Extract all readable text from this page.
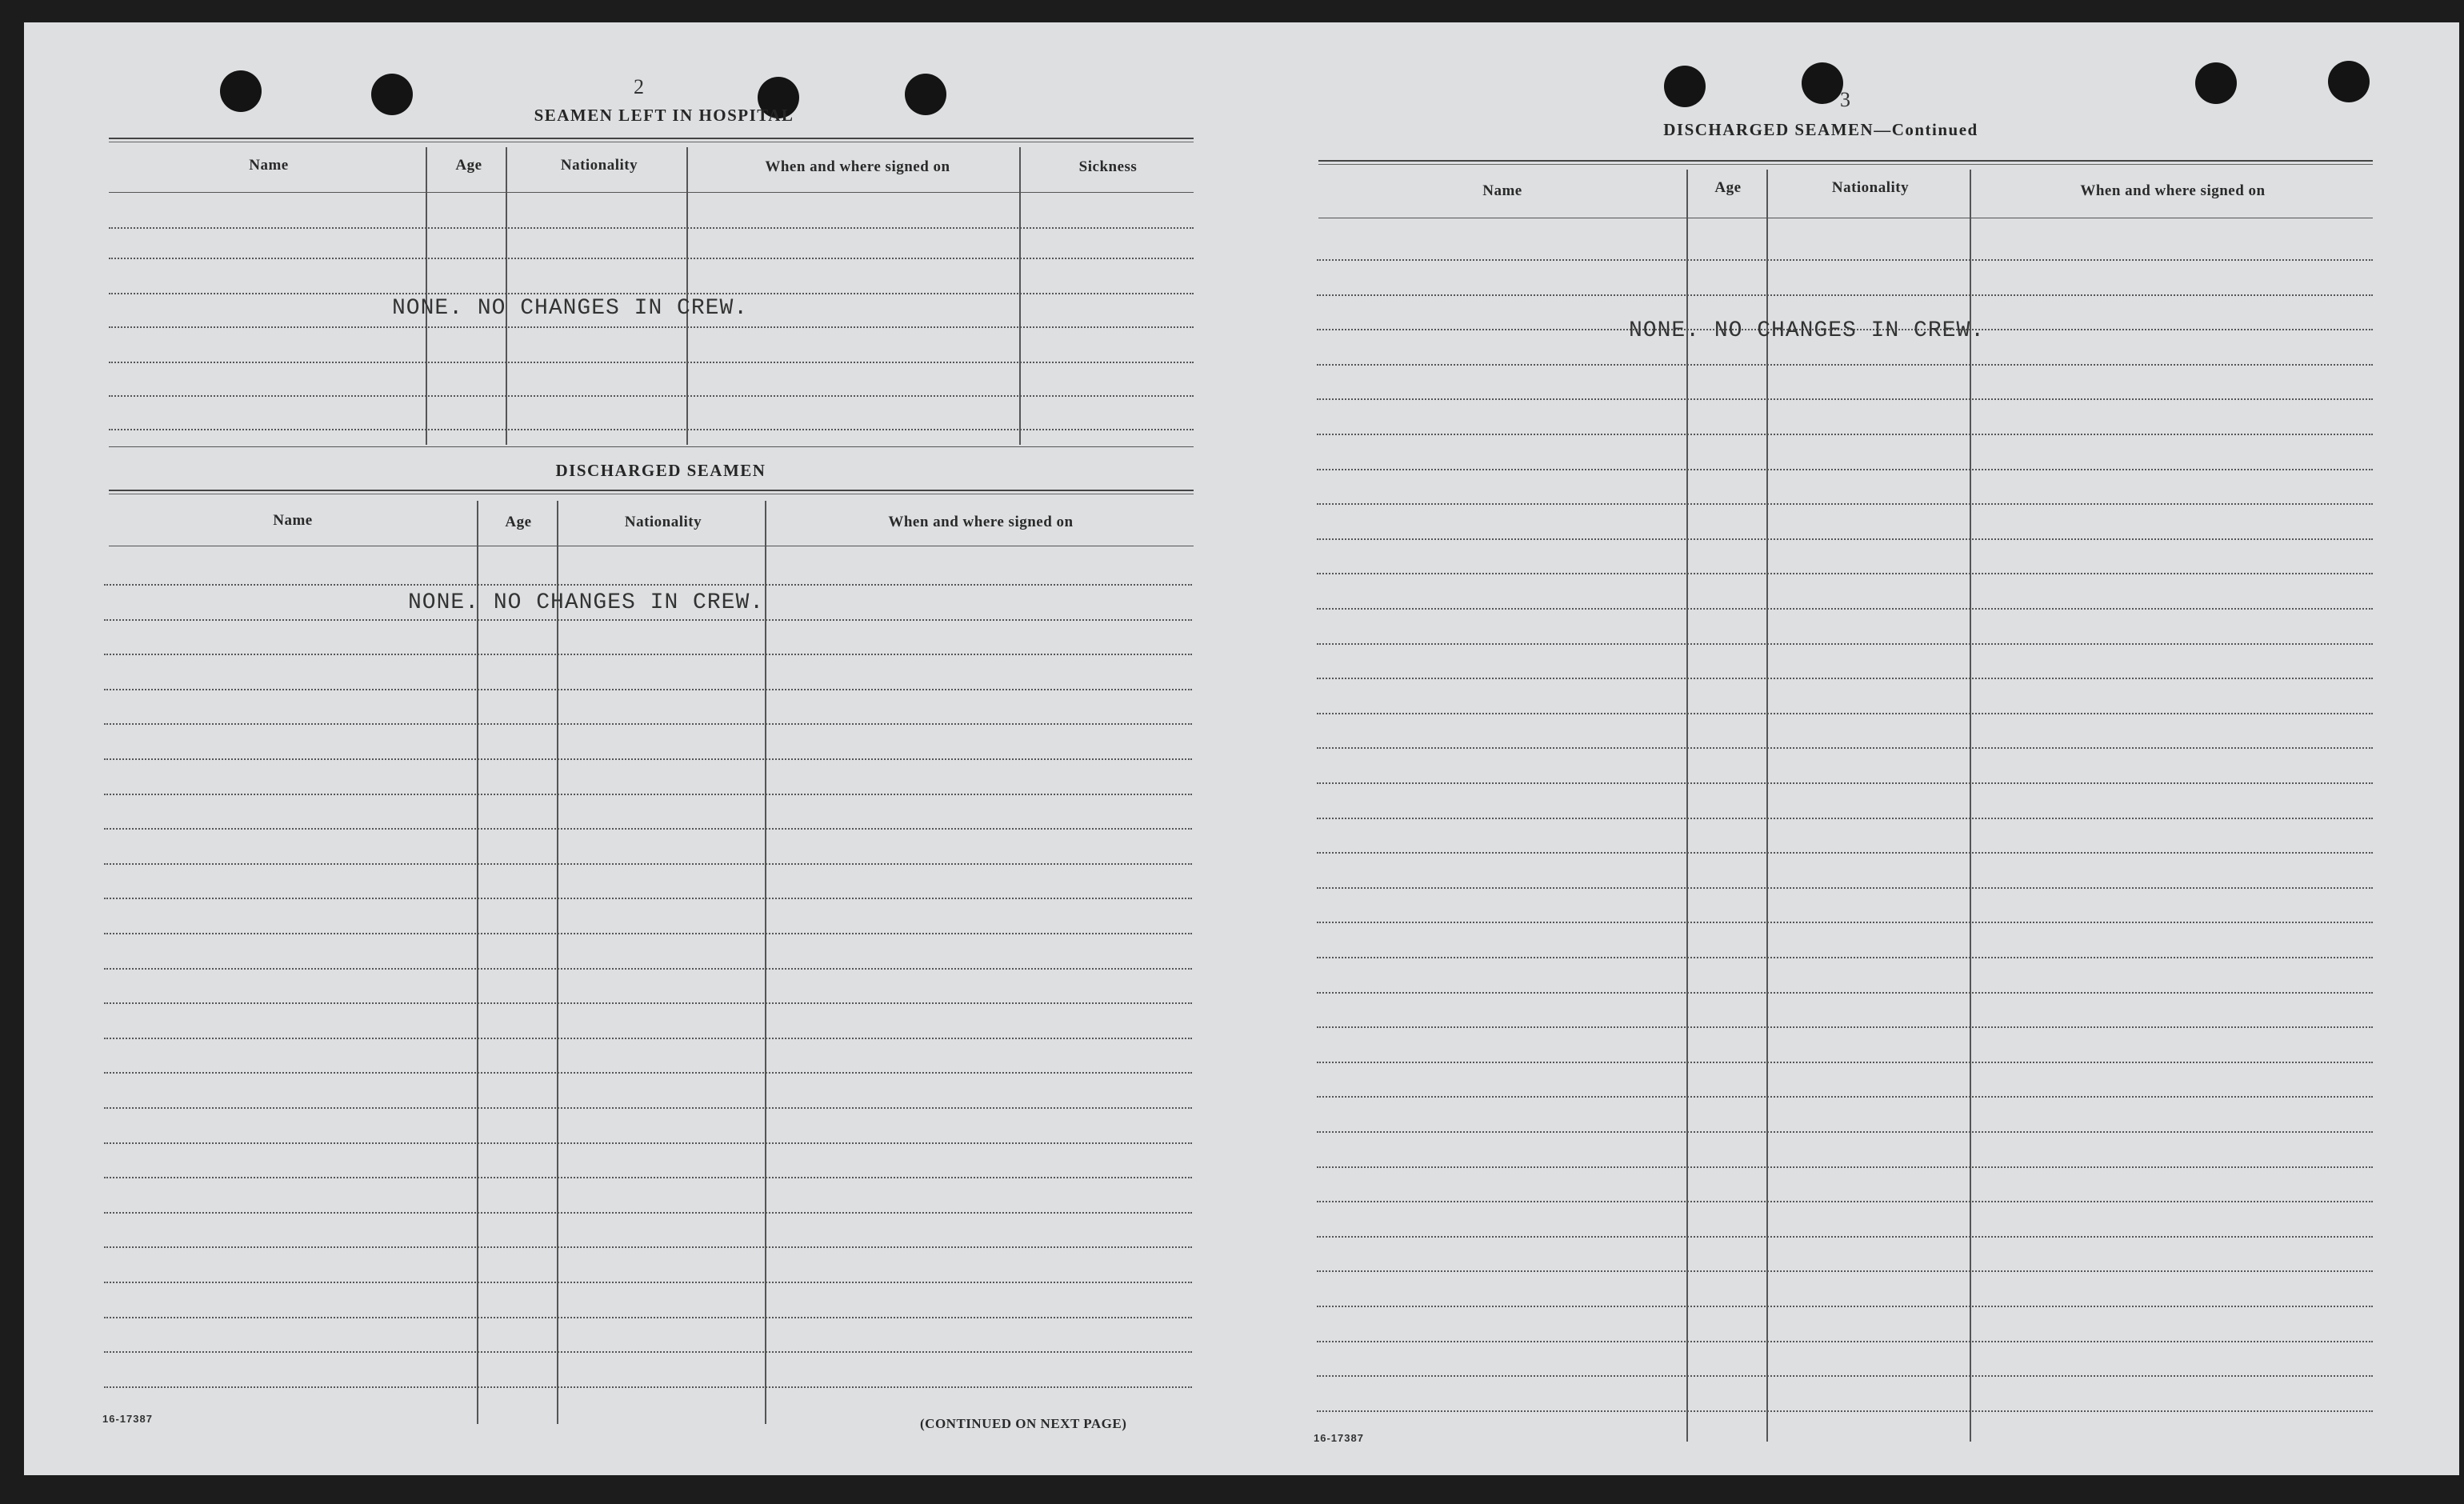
2
SEAMEN LEFT IN HOSPITAL
Name	Age	Nationality	When and where signed on	Sickness
NONE. NO CHANGES IN CREW.
DISCHARGED SEAMEN
Name	Age	Nationality	When and where signed on
NONE. NO CHANGES IN CREW.
16-17387	(CONTINUED ON NEXT PAGE)
3
DISCHARGED SEAMEN—Continued
Name	Age	Nationality	When and where signed on
NONE. NO CHANGES IN CREW.
16-17387
